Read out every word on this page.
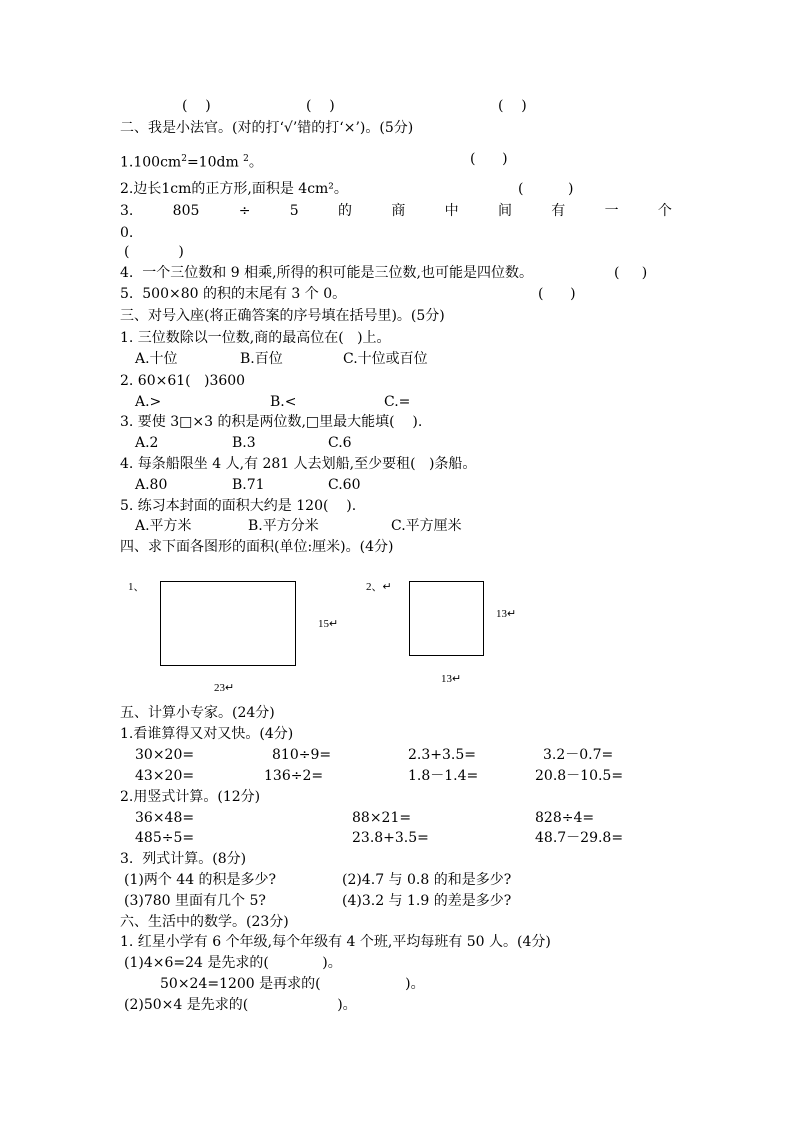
(    )	(    )	(    )
二、我是小法官。(对的打‘√’错的打‘×’)。(5分)
$1.100cm^2=10dm$ $^2$。	(      )
2.边长1cm的正方形,面积是 4cm²。	(          )
3.	805	÷	5	的	商	中	间	有	一	个
0.
(           )
4.  一个三位数和 9 相乘,所得的积可能是三位数,也可能是四位数。	(     )
5.  500×80 的积的末尾有 3 个 0。	(      )
三、对号入座(将正确答案的序号填在括号里)。(5分)
1. 三位数除以一位数,商的最高位在(   )上。
A.十位	B.百位	C.十位或百位
2. 60×61(   )3600
A.>	B.<	C.=
3. 要使 3□×3 的积是两位数,□里最大能填(    ).
A.2	B.3	C.6
4. 每条船限坐 4 人,有 281 人去划船,至少要租(   )条船。
A.80	B.71	C.60
5. 练习本封面的面积大约是 120(    ).
A.平方米	B.平方分米	C.平方厘米
四、求下面各图形的面积(单位:厘米)。(4分)
1、
15↵
23↵
2、↵
13↵
13↵
五、计算小专家。(24分)
1.看谁算得又对又快。(4分)
30×20=	810÷9=	2.3+3.5=	3.2－0.7=
43×20=	136÷2=	1.8－1.4=	20.8－10.5=
2.用竖式计算。(12分)
36×48=	88×21=	828÷4=
485÷5=	23.8+3.5=	48.7－29.8=
3.  列式计算。(8分)
(1)两个 44 的积是多少?	(2)4.7 与 0.8 的和是多少?
(3)780 里面有几个 5?	(4)3.2 与 1.9 的差是多少?
六、生活中的数学。(23分)
1. 红星小学有 6 个年级,每个年级有 4 个班,平均每班有 50 人。(4分)
(1)4×6=24 是先求的(            )。
50×24=1200 是再求的(                   )。
(2)50×4 是先求的(                    )。
